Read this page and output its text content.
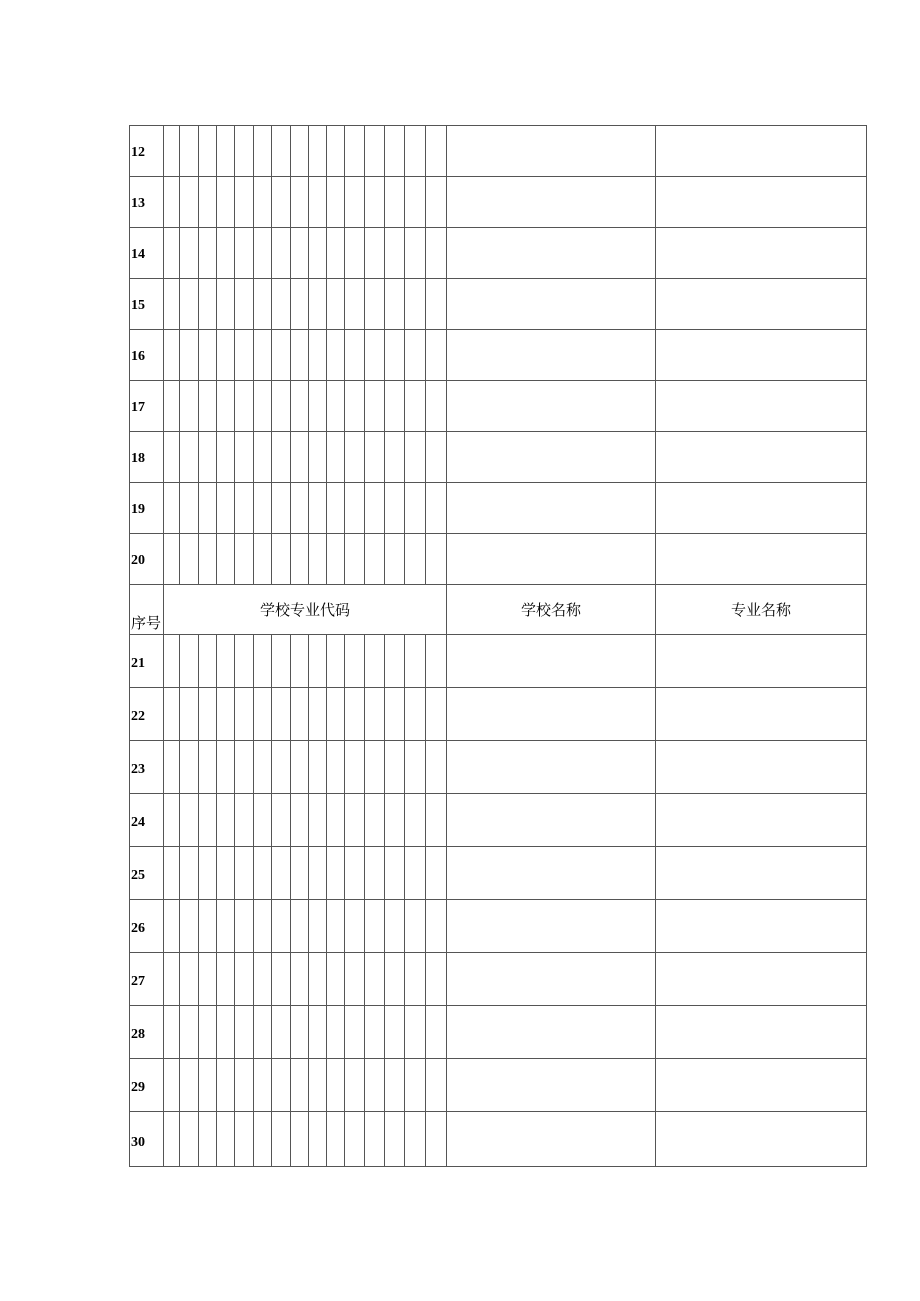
12																	
13																	
14																	
15																	
16																	
17																	
18																	
19																	
20																	
序号	学校专业代码															学校名称	专业名称
21																	
22																	
23																	
24																	
25																	
26																	
27																	
28																	
29																	
30																	
